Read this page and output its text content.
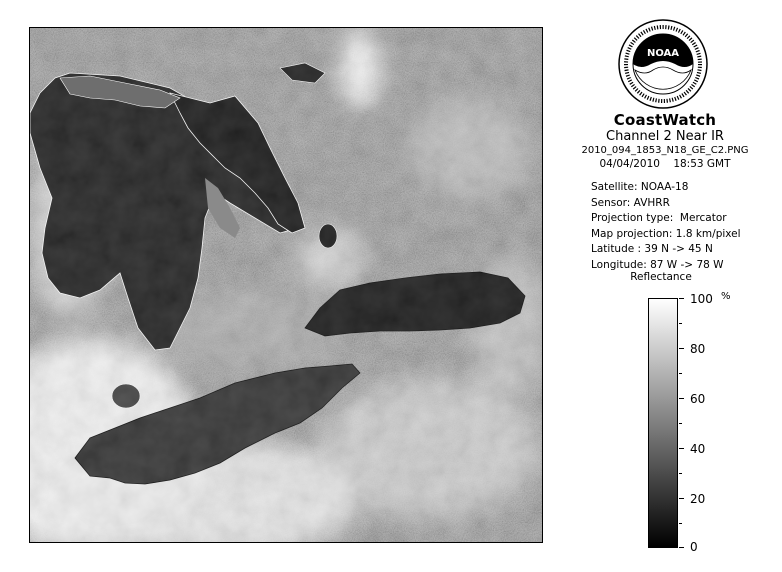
NOAA
CoastWatch
Channel 2 Near IR
2010_094_1853_N18_GE_C2.PNG
04/04/2010    18:53 GMT
Satellite: NOAA-18
Sensor: AVHRR
Projection type:  Mercator
Map projection: 1.8 km/pixel
Latitude : 39 N -> 45 N
Longitude: 87 W -> 78 W
Reflectance
%
100
80
60
40
20
0
